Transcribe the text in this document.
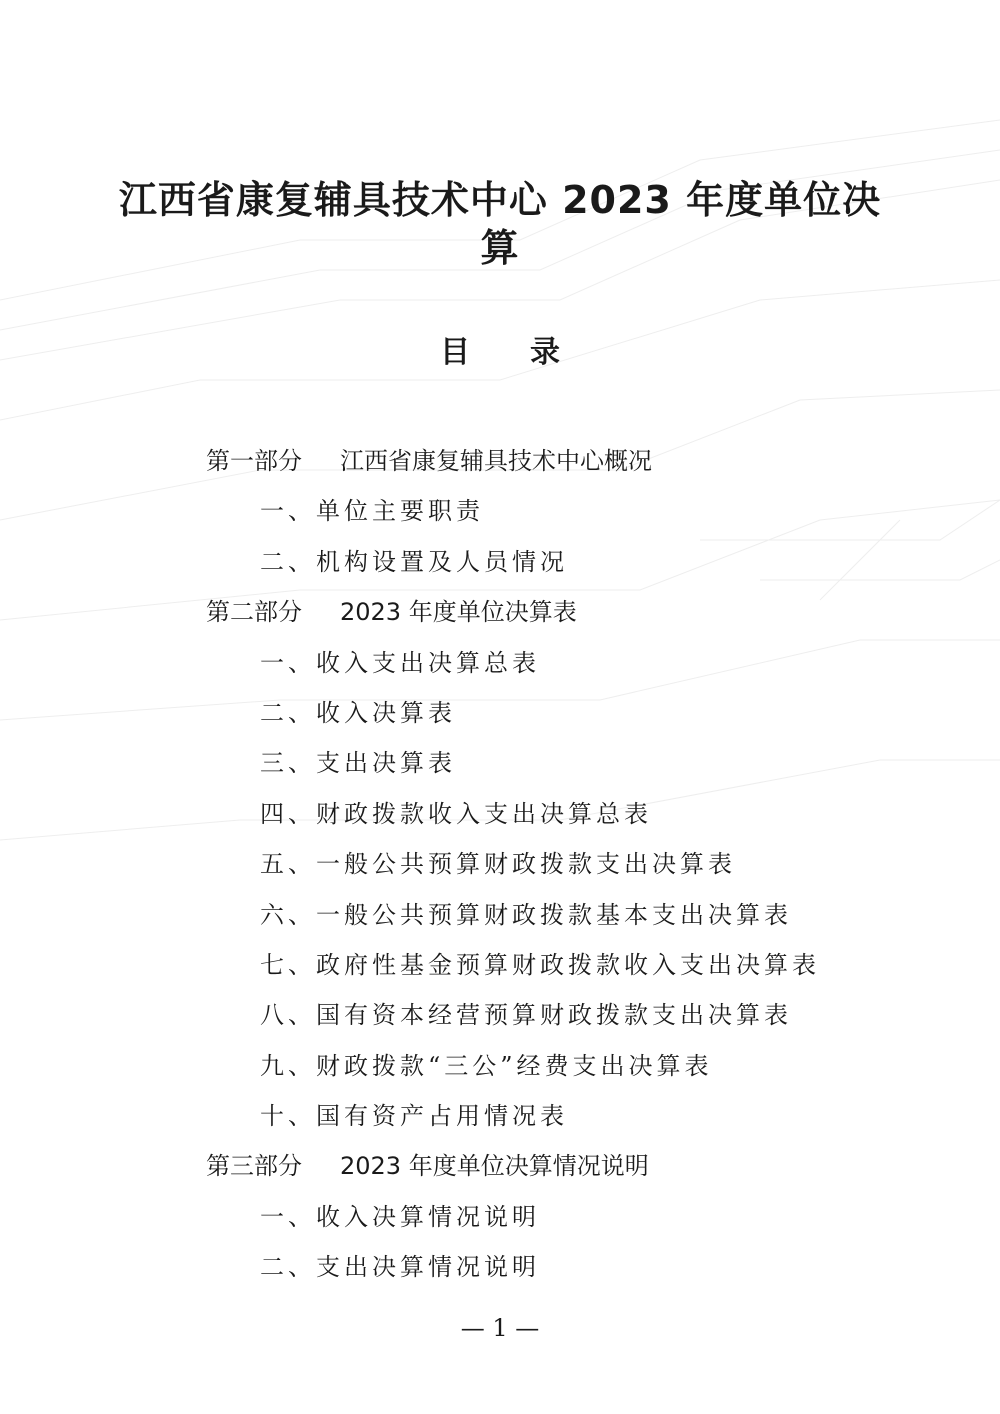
江西省康复辅具技术中心 2023 年度单位决
算
目 录
第一部分 江西省康复辅具技术中心概况
一、单位主要职责
二、机构设置及人员情况
第二部分 2023 年度单位决算表
一、收入支出决算总表
二、收入决算表
三、支出决算表
四、财政拨款收入支出决算总表
五、一般公共预算财政拨款支出决算表
六、一般公共预算财政拨款基本支出决算表
七、政府性基金预算财政拨款收入支出决算表
八、国有资本经营预算财政拨款支出决算表
九、财政拨款“三公”经费支出决算表
十、国有资产占用情况表
第三部分 2023 年度单位决算情况说明
一、收入决算情况说明
二、支出决算情况说明
— 1 —
